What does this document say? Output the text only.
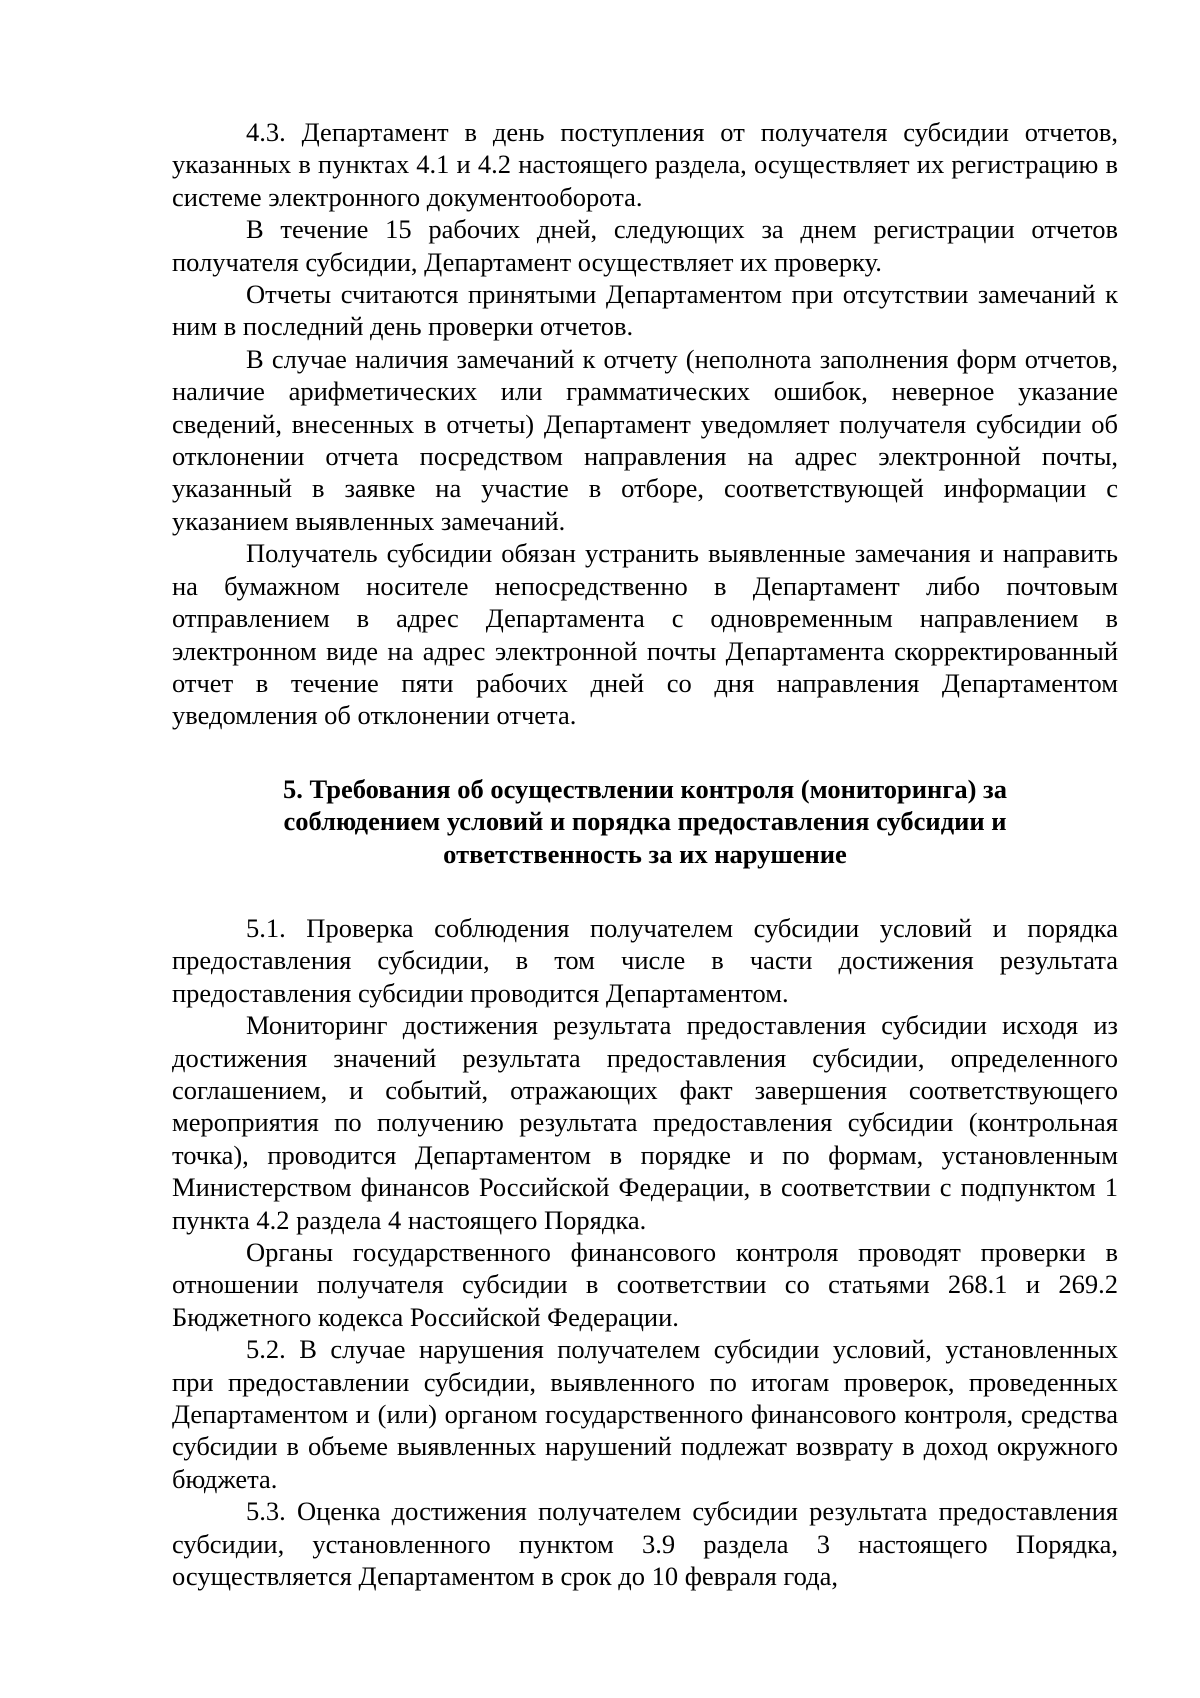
4.3. Департамент в день поступления от получателя субсидии отчетов, указанных в пунктах 4.1 и 4.2 настоящего раздела, осуществляет их регистрацию в системе электронного документооборота.

В течение 15 рабочих дней, следующих за днем регистрации отчетов получателя субсидии, Департамент осуществляет их проверку.

Отчеты считаются принятыми Департаментом при отсутствии замечаний к ним в последний день проверки отчетов.

В случае наличия замечаний к отчету (неполнота заполнения форм отчетов, наличие арифметических или грамматических ошибок, неверное указание сведений, внесенных в отчеты) Департамент уведомляет получателя субсидии об отклонении отчета посредством направления на адрес электронной почты, указанный в заявке на участие в отборе, соответствующей информации с указанием выявленных замечаний.

Получатель субсидии обязан устранить выявленные замечания и направить на бумажном носителе непосредственно в Департамент либо почтовым отправлением в адрес Департамента с одновременным направлением в электронном виде на адрес электронной почты Департамента скорректированный отчет в течение пяти рабочих дней со дня направления Департаментом уведомления об отклонении отчета.

5. Требования об осуществлении контроля (мониторинга) за
соблюдением условий и порядка предоставления субсидии и
ответственность за их нарушение

5.1. Проверка соблюдения получателем субсидии условий и порядка предоставления субсидии, в том числе в части достижения результата предоставления субсидии проводится Департаментом.

Мониторинг достижения результата предоставления субсидии исходя из достижения значений результата предоставления субсидии, определенного соглашением, и событий, отражающих факт завершения соответствующего мероприятия по получению результата предоставления субсидии (контрольная точка), проводится Департаментом в порядке и по формам, установленным Министерством финансов Российской Федерации, в соответствии с подпунктом 1 пункта 4.2 раздела 4 настоящего Порядка.

Органы государственного финансового контроля проводят проверки в отношении получателя субсидии в соответствии со статьями 268.1 и 269.2 Бюджетного кодекса Российской Федерации.

5.2. В случае нарушения получателем субсидии условий, установленных при предоставлении субсидии, выявленного по итогам проверок, проведенных Департаментом и (или) органом государственного финансового контроля, средства субсидии в объеме выявленных нарушений подлежат возврату в доход окружного бюджета.

5.3. Оценка достижения получателем субсидии результата предоставления субсидии, установленного пунктом 3.9 раздела 3 настоящего Порядка, осуществляется Департаментом в срок до 10 февраля года,
